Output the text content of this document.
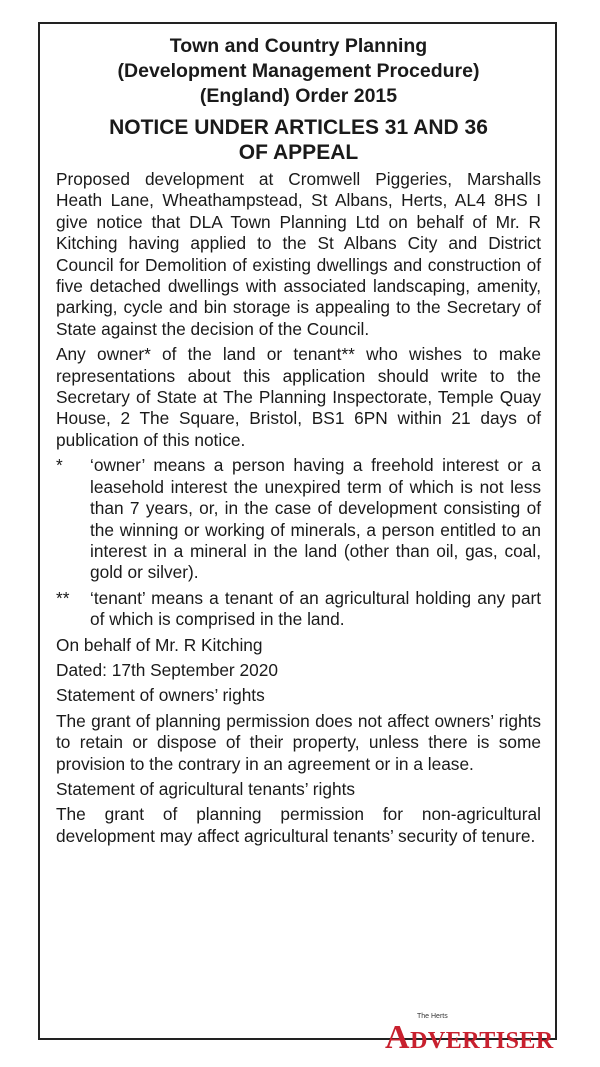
Town and Country Planning
(Development Management Procedure)
(England) Order 2015
NOTICE UNDER ARTICLES 31 AND 36
OF APPEAL

Proposed development at Cromwell Piggeries, Marshalls Heath Lane, Wheathampstead, St Albans, Herts, AL4 8HS I give notice that DLA Town Planning Ltd on behalf of Mr. R Kitching having applied to the St Albans City and District Council for Demolition of existing dwellings and construction of five detached dwellings with associated landscaping, amenity, parking, cycle and bin storage is appealing to the Secretary of State against the decision of the Council.

Any owner* of the land or tenant** who wishes to make representations about this application should write to the Secretary of State at The Planning Inspectorate, Temple Quay House, 2 The Square, Bristol, BS1 6PN within 21 days of publication of this notice.

*	‘owner’ means a person having a freehold interest or a leasehold interest the unexpired term of which is not less than 7 years, or, in the case of development consisting of the winning or working of minerals, a person entitled to an interest in a mineral in the land (other than oil, gas, coal, gold or silver).
**	‘tenant’ means a tenant of an agricultural holding any part of which is comprised in the land.

On behalf of Mr. R Kitching

Dated: 17th September 2020

Statement of owners’ rights

The grant of planning permission does not affect owners’ rights to retain or dispose of their property, unless there is some provision to the contrary in an agreement or in a lease.

Statement of agricultural tenants’ rights

The grant of planning permission for non-agricultural development may affect agricultural tenants’ security of tenure.

The Herts
ADVERTISER
